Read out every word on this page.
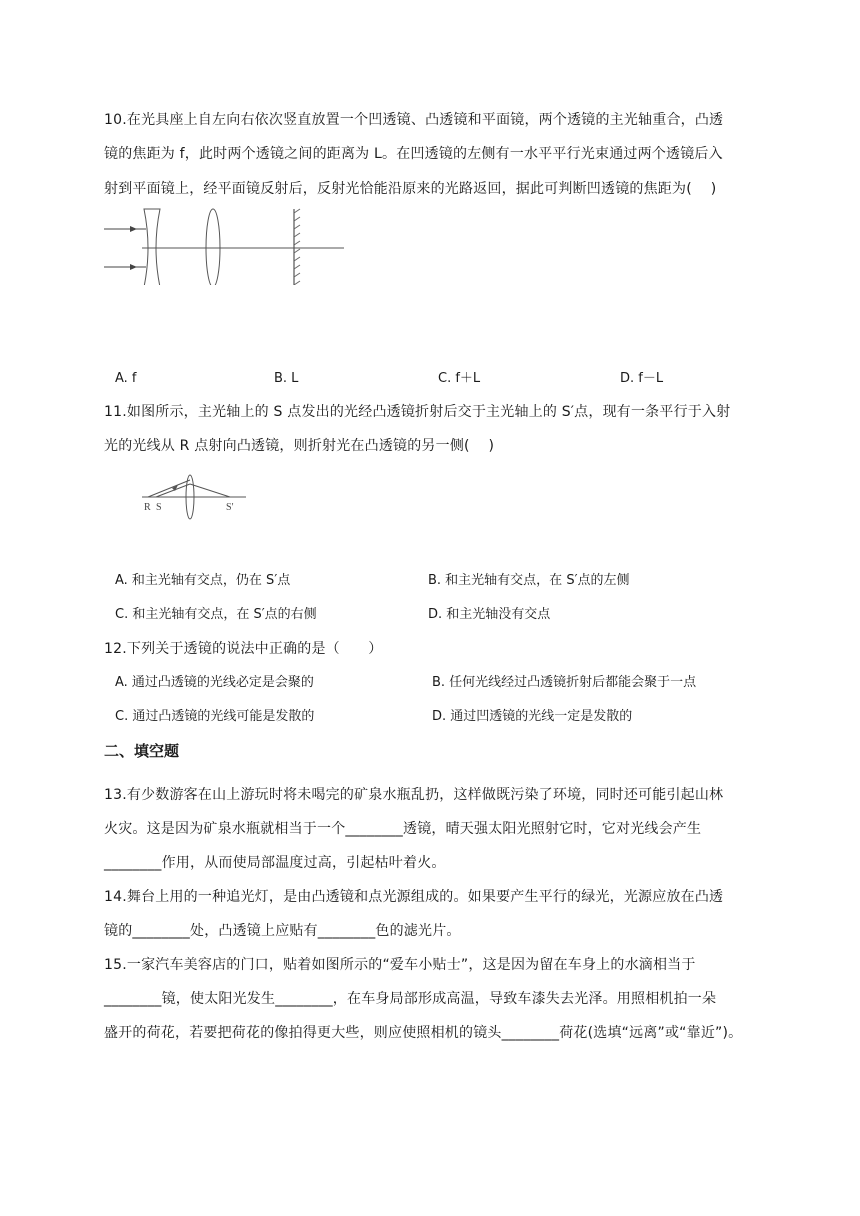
10.在光具座上自左向右依次竖直放置一个凹透镜、凸透镜和平面镜，两个透镜的主光轴重合，凸透
镜的焦距为 f，此时两个透镜之间的距离为 L。在凹透镜的左侧有一水平平行光束通过两个透镜后入
射到平面镜上，经平面镜反射后，反射光恰能沿原来的光路返回，据此可判断凹透镜的焦距为(　 )
A. f	B. L	C. f＋L	D. f－L
11.如图所示，主光轴上的 S 点发出的光经凸透镜折射后交于主光轴上的 S′点，现有一条平行于入射
光的光线从 R 点射向凸透镜，则折射光在凸透镜的另一侧(　 )
R S	S′
A. 和主光轴有交点，仍在 S′点	B. 和主光轴有交点，在 S′点的左侧
C. 和主光轴有交点，在 S′点的右侧	D. 和主光轴没有交点
12.下列关于透镜的说法中正确的是（　　）
A. 通过凸透镜的光线必定是会聚的	B. 任何光线经过凸透镜折射后都能会聚于一点
C. 通过凸透镜的光线可能是发散的	D. 通过凹透镜的光线一定是发散的
二、填空题
13.有少数游客在山上游玩时将未喝完的矿泉水瓶乱扔，这样做既污染了环境，同时还可能引起山林
火灾。这是因为矿泉水瓶就相当于一个________透镜，晴天强太阳光照射它时，它对光线会产生
________作用，从而使局部温度过高，引起枯叶着火。
14.舞台上用的一种追光灯，是由凸透镜和点光源组成的。如果要产生平行的绿光，光源应放在凸透
镜的________处，凸透镜上应贴有________色的滤光片。
15.一家汽车美容店的门口，贴着如图所示的“爱车小贴士”，这是因为留在车身上的水滴相当于
________镜，使太阳光发生________，在车身局部形成高温，导致车漆失去光泽。用照相机拍一朵
盛开的荷花，若要把荷花的像拍得更大些，则应使照相机的镜头________荷花(选填“远离”或“靠近”)。
